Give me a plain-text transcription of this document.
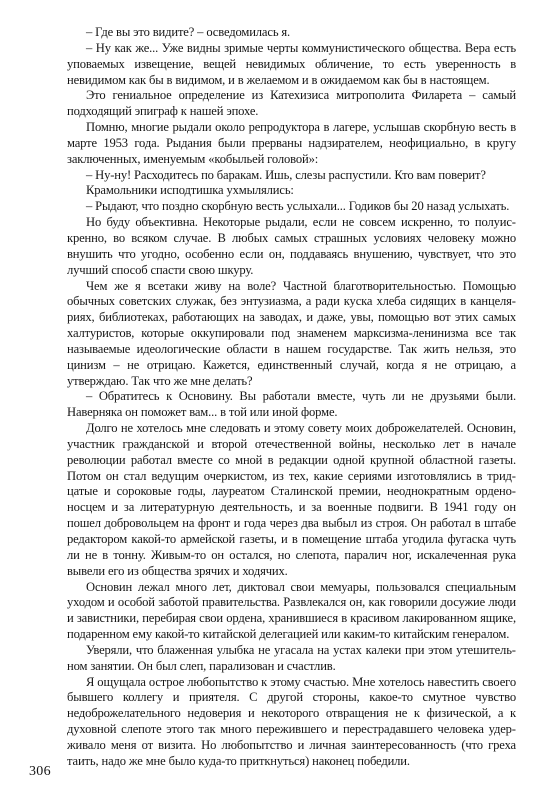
– Где вы это видите? – осведомилась я.

– Ну как же... Уже видны зримые черты коммунистического общества. Вера есть уповаемых извещение, вещей невидимых обличение, то есть уверенность в невидимом как бы в видимом, и в желаемом и в ожидаемом как бы в настоящем.

Это гениальное определение из Катехизиса митрополита Филарета – самый подходящий эпиграф к нашей эпохе.

Помню, многие рыдали около репродуктора в лагере, услышав скорбную весть в марте 1953 года. Рыдания были прерваны надзирателем, неофициально, в кругу заключенных, именуемым «кобыльей головой»:

– Ну-ну! Расходитесь по баракам. Ишь, слезы распустили. Кто вам поверит?

Крамольники исподтишка ухмылялись:

– Рыдают, что поздно скорбную весть услыхали... Годиков бы 20 назад услыхать.

Но буду объективна. Некоторые рыдали, если не совсем искренно, то полуискренно, во всяком случае. В любых самых страшных условиях человеку можно внушить что угодно, особенно если он, поддаваясь внушению, чувствует, что это лучший способ спасти свою шкуру.

Чем же я всетаки живу на воле? Частной благотворительностью. Помощью обычных советских служак, без энтузиазма, а ради куска хлеба сидящих в канцеляриях, библиотеках, работающих на заводах, и даже, увы, помощью вот этих самых халтуристов, которые оккупировали под знаменем марксизма-ленинизма все так называемые идеологические области в нашем государстве. Так жить нельзя, это цинизм – не отрицаю. Кажется, единственный случай, когда я не отрицаю, а утверждаю. Так что же мне делать?

– Обратитесь к Основину. Вы работали вместе, чуть ли не друзьями были. Наверняка он поможет вам... в той или иной форме.

Долго не хотелось мне следовать и этому совету моих доброжелателей. Основин, участник гражданской и второй отечественной войны, несколько лет в начале революции работал вместе со мной в редакции одной крупной областной газеты. Потом он стал ведущим очеркистом, из тех, какие сериями изготовлялись в тридцатые и сороковые годы, лауреатом Сталинской премии, неоднократным орденоносцем и за литературную деятельность, и за военные подвиги. В 1941 году он пошел добровольцем на фронт и года через два выбыл из строя. Он работал в штабе редактором какой-то армейской газеты, и в помещение штаба угодила фугаска чуть ли не в тонну. Живым-то он остался, но слепота, паралич ног, искалеченная рука вывели его из общества зрячих и ходячих.

Основин лежал много лет, диктовал свои мемуары, пользовался специальным уходом и особой заботой правительства. Развлекался он, как говорили досужие люди и завистники, перебирая свои ордена, хранившиеся в красивом лакированном ящике, подаренном ему какой-то китайской делегацией или каким-то китайским генералом.

Уверяли, что блаженная улыбка не угасала на устах калеки при этом утешительном занятии. Он был слеп, парализован и счастлив.

Я ощущала острое любопытство к этому счастью. Мне хотелось навестить своего бывшего коллегу и приятеля. С другой стороны, какое-то смутное чувство недоброжелательного недоверия и некоторого отвращения не к физической, а к духовной слепоте этого так много пережившего и перестрадавшего человека удерживало меня от визита. Но любопытство и личная заинтересованность (что греха таить, надо же мне было куда-то приткнуться) наконец победили.

306
